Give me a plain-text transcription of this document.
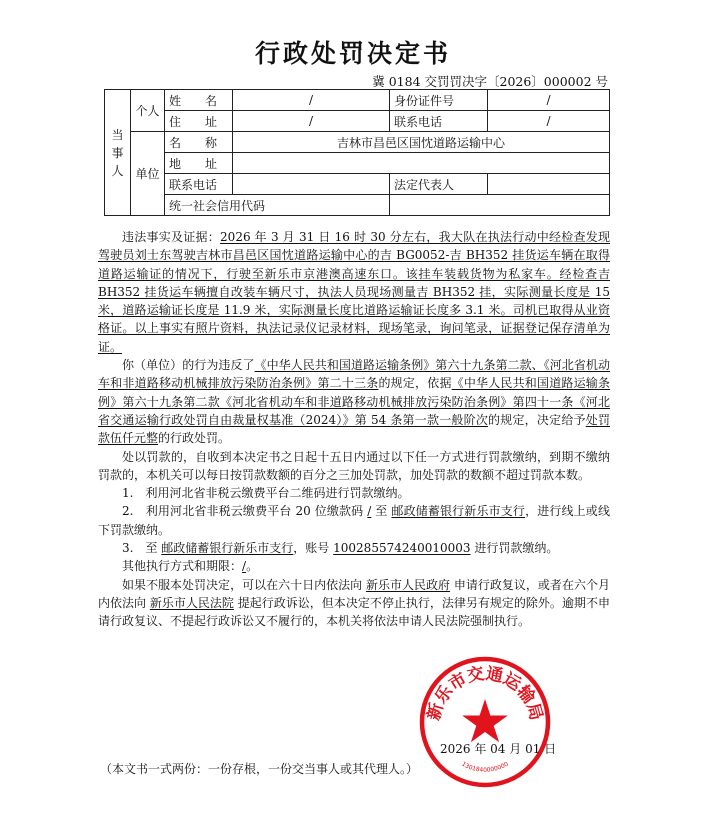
行政处罚决定书
冀 0184 交罚罚决字〔2026〕000002 号
当事人	个人	姓　　名	/	身份证件号	/
		住　　址	/	联系电话	/
	单位	名　　称	吉林市昌邑区国忱道路运输中心		
		地　　址			
		联系电话		法定代表人	
		统一社会信用代码			

违法事实及证据：2026 年 3 月 31 日 16 时 30 分左右，我大队在执法行动中经检查发现驾驶员刘士东驾驶吉林市昌邑区国忱道路运输中心的吉 BG0052-吉 BH352 挂货运车辆在取得道路运输证的情况下，行驶至新乐市京港澳高速东口。该挂车装载货物为私家车。经检查吉 BH352 挂货运车辆擅自改装车辆尺寸，执法人员现场测量吉 BH352 挂，实际测量长度是 15 米，道路运输证长度是 11.9 米，实际测量长度比道路运输证长度多 3.1 米。司机已取得从业资格证。以上事实有照片资料，执法记录仪记录材料，现场笔录，询问笔录，证据登记保存清单为证。

你（单位）的行为违反了《中华人民共和国道路运输条例》第六十九条第二款、《河北省机动车和非道路移动机械排放污染防治条例》第二十三条的规定，依据《中华人民共和国道路运输条例》第六十九条第二款《河北省机动车和非道路移动机械排放污染防治条例》第四十一条《河北省交通运输行政处罚自由裁量权基准（2024）》第 54 条第一款一般阶次的规定，决定给予处罚款伍仟元整的行政处罚。

处以罚款的，自收到本决定书之日起十五日内通过以下任一方式进行罚款缴纳，到期不缴纳罚款的，本机关可以每日按罚款数额的百分之三加处罚款，加处罚款的数额不超过罚款本数。

1.　利用河北省非税云缴费平台二维码进行罚款缴纳。

2.　利用河北省非税云缴费平台 20 位缴款码 / 至 邮政储蓄银行新乐市支行，进行线上或线下罚款缴纳。

3.　至 邮政储蓄银行新乐市支行，账号 100285574240010003 进行罚款缴纳。

其他执行方式和期限：/。

如果不服本处罚决定，可以在六十日内依法向 新乐市人民政府 申请行政复议，或者在六个月内依法向 新乐市人民法院 提起行政诉讼，但本决定不停止执行，法律另有规定的除外。逾期不申请行政复议、不提起行政诉讼又不履行的，本机关将依法申请人民法院强制执行。

新乐市交通运输局
1301840000000
2026 年 04 月 01 日
（本文书一式两份：一份存根，一份交当事人或其代理人。）
